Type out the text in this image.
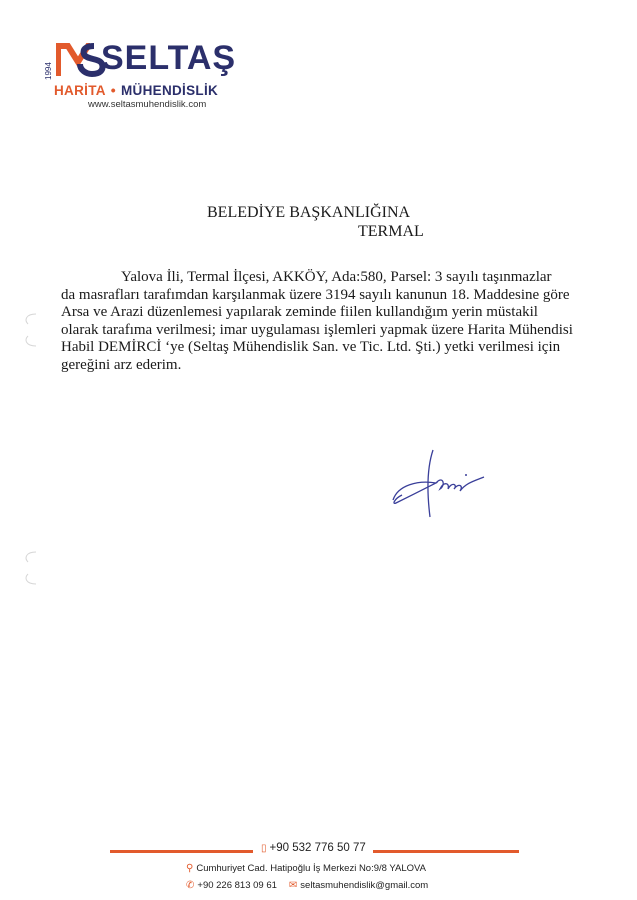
1994 SELTAŞ
HARİTA • MÜHENDİSLİK
www.seltasmuhendislik.com
BELEDİYE BAŞKANLIĞINA
TERMAL
Yalova İli, Termal İlçesi, AKKÖY, Ada:580, Parsel: 3 sayılı taşınmazlar
da masrafları tarafımdan karşılanmak üzere 3194 sayılı kanunun 18. Maddesine göre
Arsa ve Arazi düzenlemesi yapılarak zeminde fiilen kullandığım yerin müstakil
olarak tarafıma verilmesi; imar uygulaması işlemleri yapmak üzere Harita Mühendisi
Habil DEMİRCİ ‘ye (Seltaş Mühendislik San. ve Tic. Ltd. Şti.) yetki verilmesi için
gereğini arz ederim.
▯ +90 532 776 50 77
⚲ Cumhuriyet Cad. Hatipoğlu İş Merkezi No:9/8 YALOVA
✆ +90 226 813 09 61 ✉ seltasmuhendislik@gmail.com
